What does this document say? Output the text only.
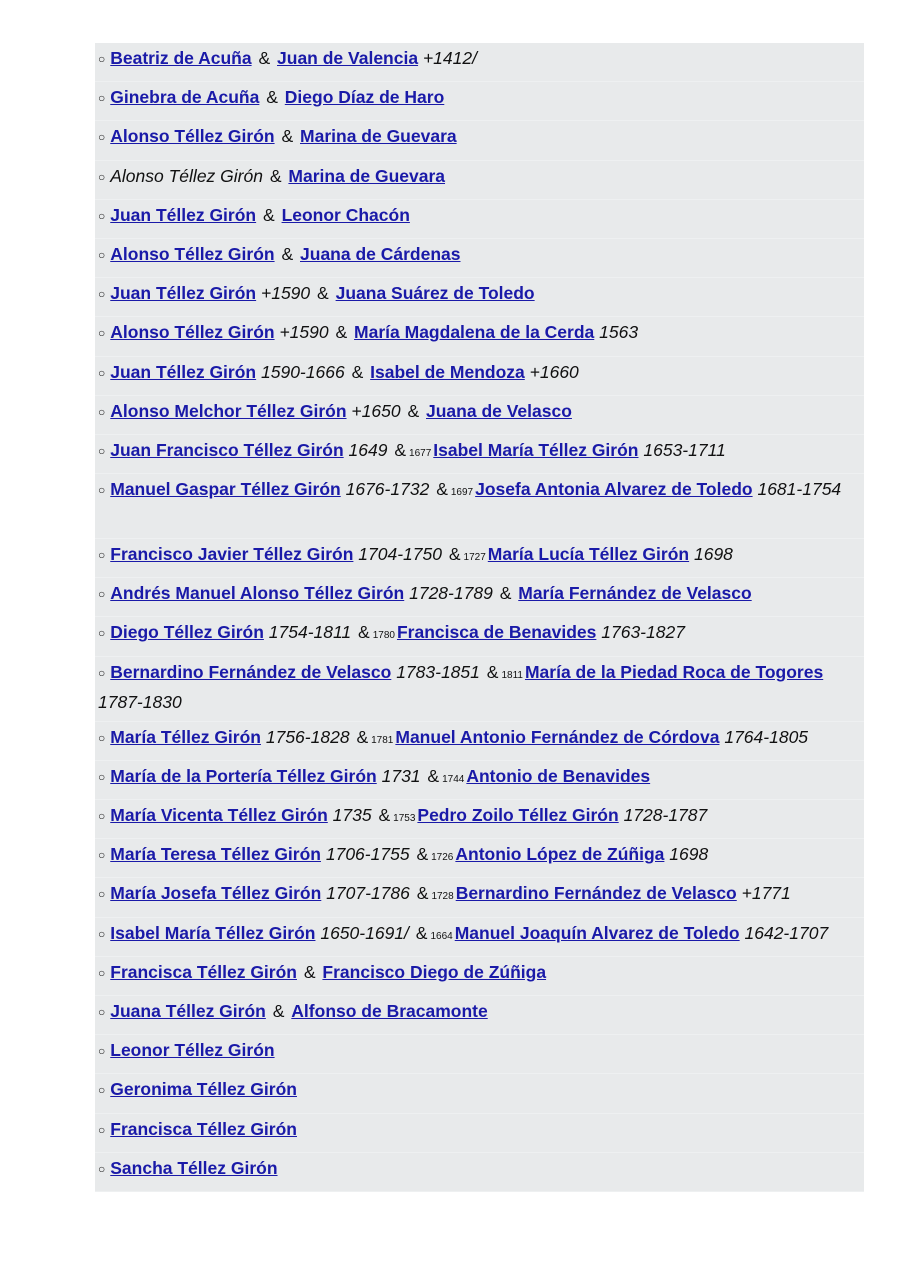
○ Beatriz de Acuña & Juan de Valencia +1412/
○ Ginebra de Acuña & Diego Díaz de Haro
○ Alonso Téllez Girón & Marina de Guevara
○ Alonso Téllez Girón & Marina de Guevara
○ Juan Téllez Girón & Leonor Chacón
○ Alonso Téllez Girón & Juana de Cárdenas
○ Juan Téllez Girón +1590 & Juana Suárez de Toledo
○ Alonso Téllez Girón +1590 & María Magdalena de la Cerda 1563
○ Juan Téllez Girón 1590-1666 & Isabel de Mendoza +1660
○ Alonso Melchor Téllez Girón +1650 & Juana de Velasco
○ Juan Francisco Téllez Girón 1649 & 1677 Isabel María Téllez Girón 1653-1711
○ Manuel Gaspar Téllez Girón 1676-1732 & 1697 Josefa Antonia Alvarez de Toledo 1681-1754
○ Francisco Javier Téllez Girón 1704-1750 & 1727 María Lucía Téllez Girón 1698
○ Andrés Manuel Alonso Téllez Girón 1728-1789 & María Fernández de Velasco
○ Diego Téllez Girón 1754-1811 & 1780 Francisca de Benavides 1763-1827
○ Bernardino Fernández de Velasco 1783-1851 & 1811 María de la Piedad Roca de Togores 1787-1830
○ María Téllez Girón 1756-1828 & 1781 Manuel Antonio Fernández de Córdova 1764-1805
○ María de la Portería Téllez Girón 1731 & 1744 Antonio de Benavides
○ María Vicenta Téllez Girón 1735 & 1753 Pedro Zoilo Téllez Girón 1728-1787
○ María Teresa Téllez Girón 1706-1755 & 1726 Antonio López de Zúñiga 1698
○ María Josefa Téllez Girón 1707-1786 & 1728 Bernardino Fernández de Velasco +1771
○ Isabel María Téllez Girón 1650-1691/ & 1664 Manuel Joaquín Alvarez de Toledo 1642-1707
○ Francisca Téllez Girón & Francisco Diego de Zúñiga
○ Juana Téllez Girón & Alfonso de Bracamonte
○ Leonor Téllez Girón
○ Geronima Téllez Girón
○ Francisca Téllez Girón
○ Sancha Téllez Girón
